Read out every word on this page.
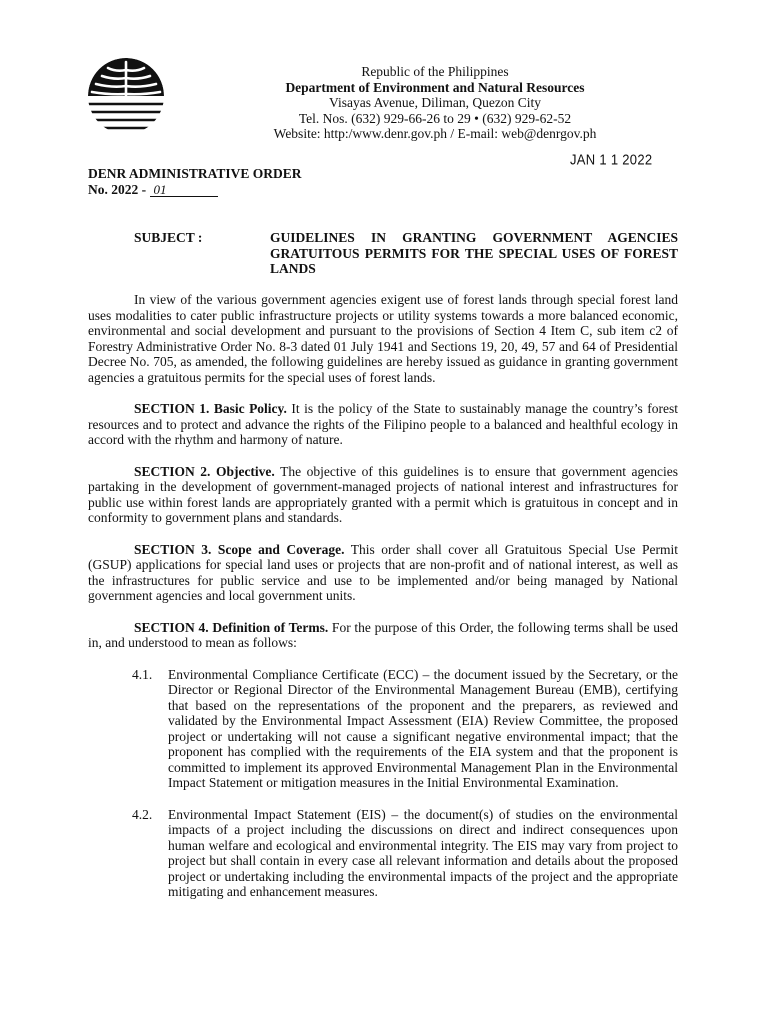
Republic of the Philippines
Department of Environment and Natural Resources
Visayas Avenue, Diliman, Quezon City
Tel. Nos. (632) 929-66-26 to 29 • (632) 929-62-52
Website: http:/www.denr.gov.ph / E-mail: web@denrgov.ph
JAN 1 1 2022
DENR ADMINISTRATIVE ORDER
No. 2022 - 01
SUBJECT :	GUIDELINES IN GRANTING GOVERNMENT AGENCIES GRATUITOUS PERMITS FOR THE SPECIAL USES OF FOREST LANDS

In view of the various government agencies exigent use of forest lands through special forest land uses modalities to cater public infrastructure projects or utility systems towards a more balanced economic, environmental and social development and pursuant to the provisions of Section 4 Item C, sub item c2 of Forestry Administrative Order No. 8-3 dated 01 July 1941 and Sections 19, 20, 49, 57 and 64 of Presidential Decree No. 705, as amended, the following guidelines are hereby issued as guidance in granting government agencies a gratuitous permits for the special uses of forest lands.

SECTION 1. Basic Policy. It is the policy of the State to sustainably manage the country’s forest resources and to protect and advance the rights of the Filipino people to a balanced and healthful ecology in accord with the rhythm and harmony of nature.

SECTION 2. Objective. The objective of this guidelines is to ensure that government agencies partaking in the development of government-managed projects of national interest and infrastructures for public use within forest lands are appropriately granted with a permit which is gratuitous in concept and in conformity to government plans and standards.

SECTION 3. Scope and Coverage. This order shall cover all Gratuitous Special Use Permit (GSUP) applications for special land uses or projects that are non-profit and of national interest, as well as the infrastructures for public service and use to be implemented and/or being managed by National government agencies and local government units.

SECTION 4. Definition of Terms. For the purpose of this Order, the following terms shall be used in, and understood to mean as follows:

4.1.	Environmental Compliance Certificate (ECC) – the document issued by the Secretary, or the Director or Regional Director of the Environmental Management Bureau (EMB), certifying that based on the representations of the proponent and the preparers, as reviewed and validated by the Environmental Impact Assessment (EIA) Review Committee, the proposed project or undertaking will not cause a significant negative environmental impact; that the proponent has complied with the requirements of the EIA system and that the proponent is committed to implement its approved Environmental Management Plan in the Environmental Impact Statement or mitigation measures in the Initial Environmental Examination.
4.2.	Environmental Impact Statement (EIS) – the document(s) of studies on the environmental impacts of a project including the discussions on direct and indirect consequences upon human welfare and ecological and environmental integrity. The EIS may vary from project to project but shall contain in every case all relevant information and details about the proposed project or undertaking including the environmental impacts of the project and the appropriate mitigating and enhancement measures.
